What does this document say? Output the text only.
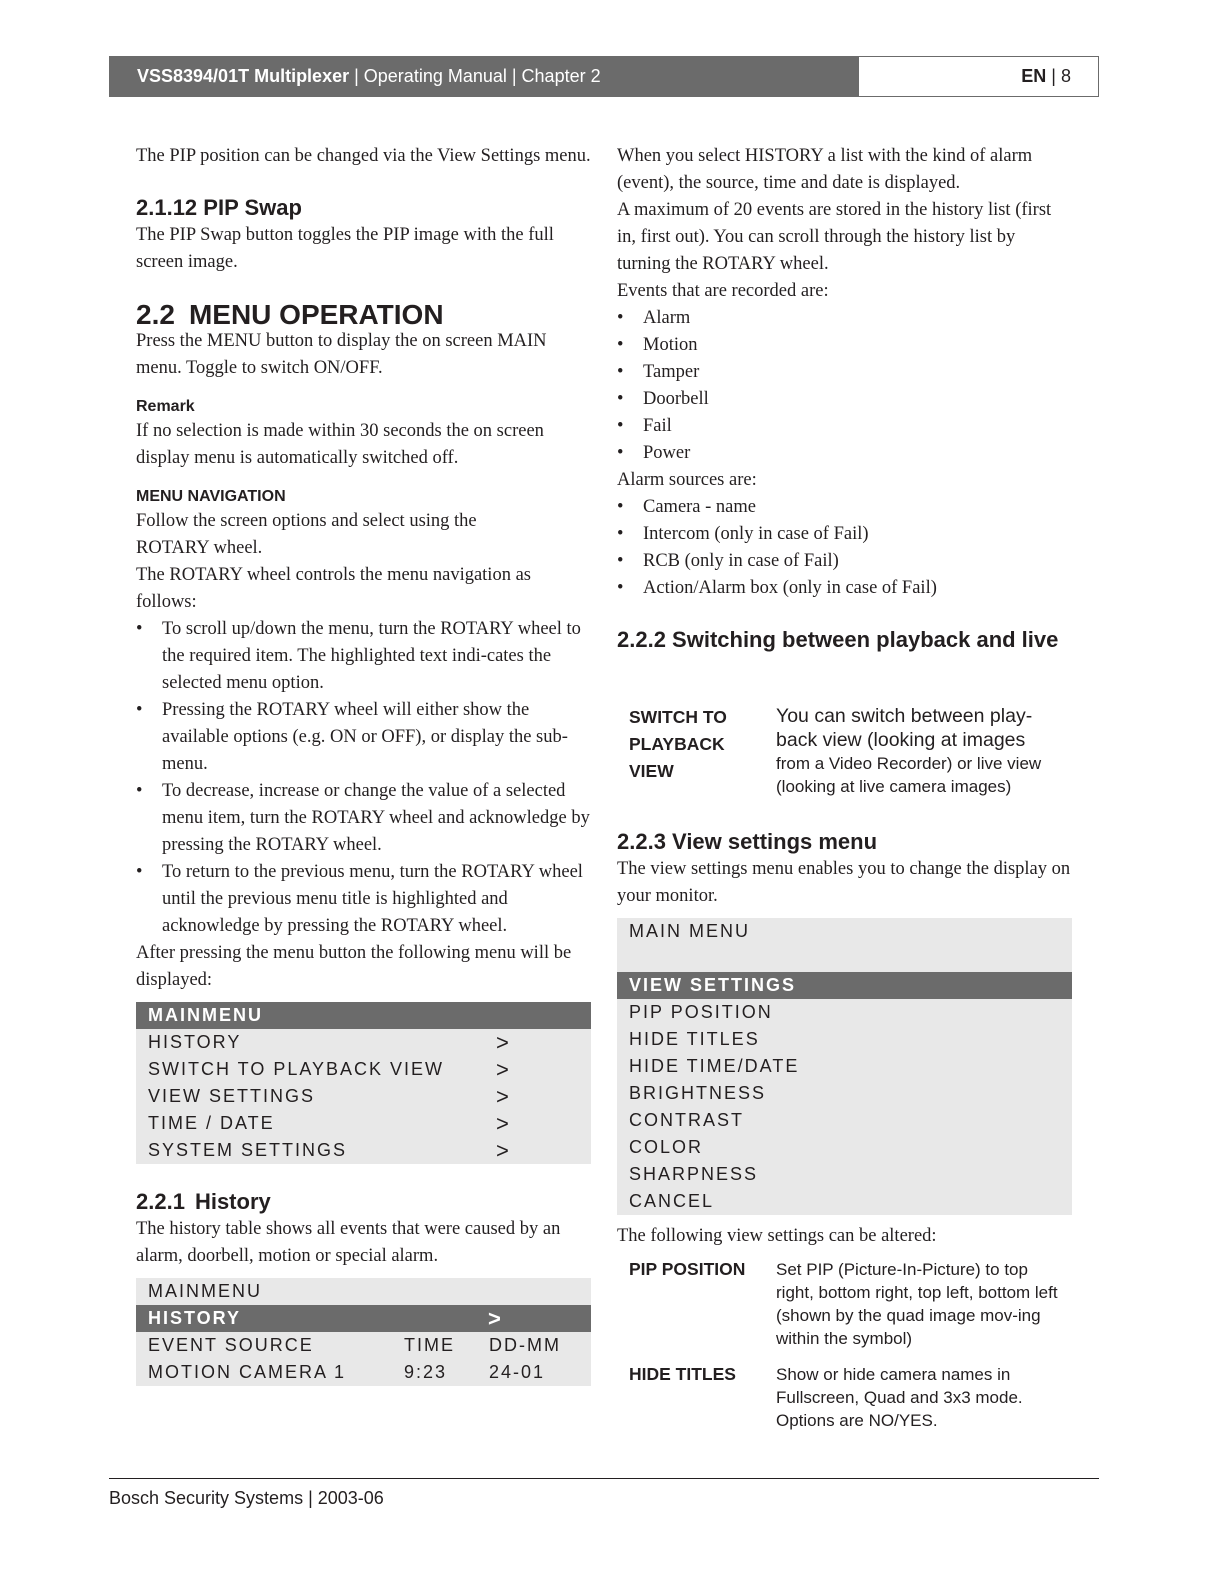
VSS8394/01T Multiplexer | Operating Manual | Chapter 2	EN | 8

The PIP position can be changed via the View Settings menu.

2.1.12 PIP Swap

The PIP Swap button toggles the PIP image with the full screen image.

2.2 MENU OPERATION

Press the MENU button to display the on screen MAIN menu. Toggle to switch ON/OFF.

Remark

If no selection is made within 30 seconds the on screen display menu is automatically switched off.

MENU NAVIGATION

Follow the screen options and select using the ROTARY wheel.

The ROTARY wheel controls the menu navigation as follows:

• To scroll up/down the menu, turn the ROTARY wheel to the required item. The highlighted text indi-cates the selected menu option.
• Pressing the ROTARY wheel will either show the available options (e.g. ON or OFF), or display the sub-menu.
• To decrease, increase or change the value of a selected menu item, turn the ROTARY wheel and acknowledge by pressing the ROTARY wheel.
• To return to the previous menu, turn the ROTARY wheel until the previous menu title is highlighted and acknowledge by pressing the ROTARY wheel.

After pressing the menu button the following menu will be displayed:

MAINMENU
HISTORY	>
SWITCH TO PLAYBACK VIEW >
VIEW SETTINGS	>
TIME / DATE	>
SYSTEM SETTINGS	>
2.2.1 History

The history table shows all events that were caused by an alarm, doorbell, motion or special alarm.

MAINMENU
HISTORY	>
EVENT SOURCE	TIME DD-MM
MOTION CAMERA 1	9:23 24-01

When you select HISTORY a list with the kind of alarm (event), the source, time and date is displayed.

A maximum of 20 events are stored in the history list (first in, first out). You can scroll through the history list by turning the ROTARY wheel.

Events that are recorded are:

• Alarm
• Motion
• Tamper
• Doorbell
• Fail
• Power

Alarm sources are:

• Camera - name
• Intercom (only in case of Fail)
• RCB (only in case of Fail)
• Action/Alarm box (only in case of Fail)
2.2.2 Switching between playback and live
SWITCH TO PLAYBACK VIEW
You can switch between play-back view (looking at images
from a Video Recorder) or live view (looking at live camera images)
2.2.3 View settings menu

The view settings menu enables you to change the display on your monitor.

MAIN MENU
VIEW SETTINGS
PIP POSITION
HIDE TITLES
HIDE TIME/DATE
BRIGHTNESS
CONTRAST
COLOR
SHARPNESS
CANCEL

The following view settings can be altered:

PIP POSITION Set PIP (Picture-In-Picture) to top right, bottom right, top left, bottom left (shown by the quad image mov-ing within the symbol)
HIDE TITLES Show or hide camera names in Fullscreen, Quad and 3x3 mode. Options are NO/YES.
Bosch Security Systems | 2003-06
